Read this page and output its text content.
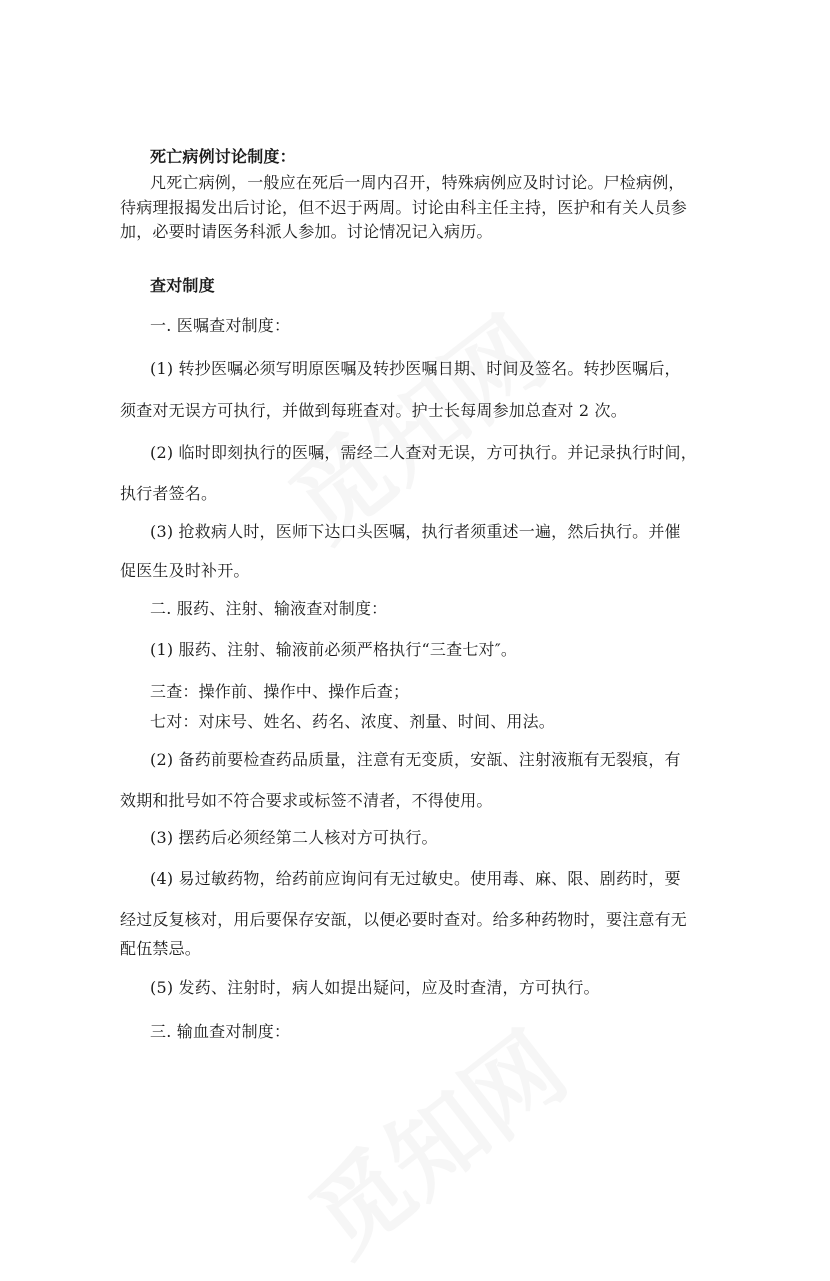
死亡病例讨论制度：

凡死亡病例，一般应在死后一周内召开，特殊病例应及时讨论。尸检病例，

待病理报揭发出后讨论，但不迟于两周。讨论由科主任主持，医护和有关人员参

加，必要时请医务科派人参加。讨论情况记入病历。

查对制度

一. 医嘱查对制度：

(1) 转抄医嘱必须写明原医嘱及转抄医嘱日期、时间及签名。转抄医嘱后，

须查对无误方可执行，并做到每班查对。护士长每周参加总查对 2 次。

(2) 临时即刻执行的医嘱，需经二人查对无误，方可执行。并记录执行时间，

执行者签名。

(3) 抢救病人时，医师下达口头医嘱，执行者须重述一遍，然后执行。并催

促医生及时补开。

二. 服药、注射、输液查对制度：

(1) 服药、注射、输液前必须严格执行“三查七对″。

三查：操作前、操作中、操作后查；

七对：对床号、姓名、药名、浓度、剂量、时间、用法。

(2) 备药前要检查药品质量，注意有无变质，安瓿、注射液瓶有无裂痕，有

效期和批号如不符合要求或标签不清者，不得使用。

(3) 摆药后必须经第二人核对方可执行。

(4) 易过敏药物，给药前应询问有无过敏史。使用毒、麻、限、剧药时，要

经过反复核对，用后要保存安瓿，以便必要时查对。给多种药物时，要注意有无

配伍禁忌。

(5) 发药、注射时，病人如提出疑问，应及时查清，方可执行。

三. 输血查对制度：
